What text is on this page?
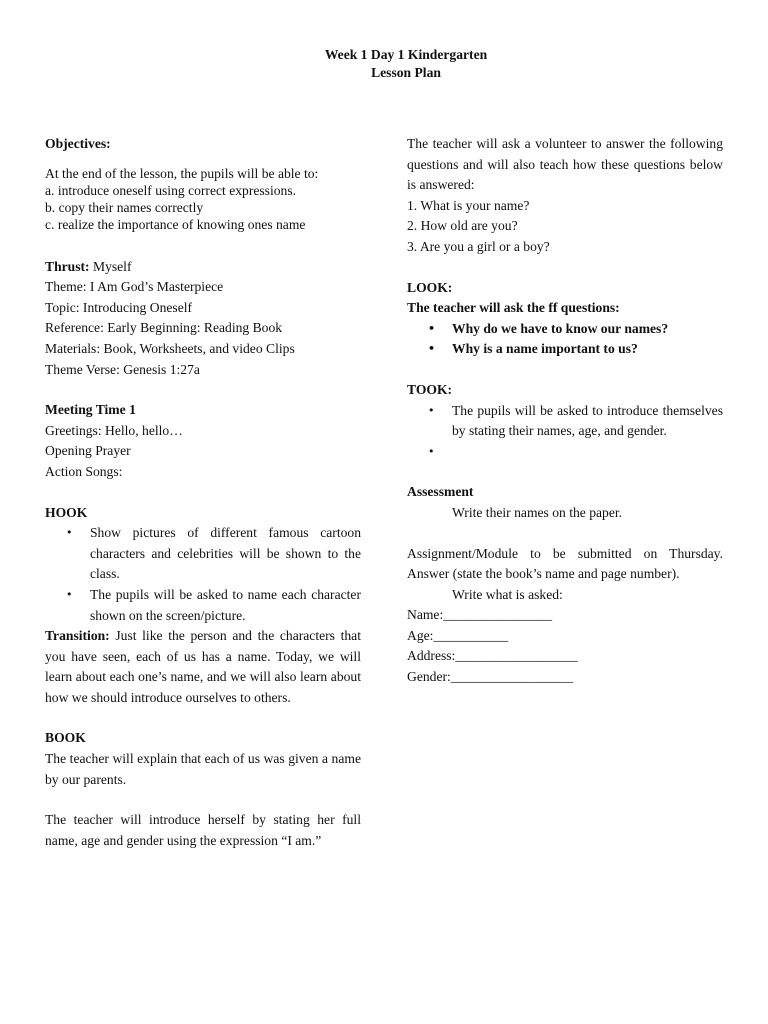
Week 1 Day 1 Kindergarten
Lesson Plan

Objectives:

At the end of the lesson, the pupils will be able to:

a. introduce oneself using correct expressions.

b. copy their names correctly

c. realize the importance of knowing ones name

Thrust: Myself

Theme: I Am God’s Masterpiece

Topic: Introducing Oneself

Reference: Early Beginning: Reading Book

Materials: Book, Worksheets, and video Clips

Theme Verse: Genesis 1:27a

Meeting Time 1

Greetings: Hello, hello…

Opening Prayer

Action Songs:

HOOK

• Show pictures of different famous cartoon characters and celebrities will be shown to the class.
• The pupils will be asked to name each character shown on the screen/picture.

Transition: Just like the person and the characters that you have seen, each of us has a name. Today, we will learn about each one’s name, and we will also learn about how we should introduce ourselves to others.

BOOK

The teacher will explain that each of us was given a name by our parents.

The teacher will introduce herself by stating her full name, age and gender using the expression “I am.”

The teacher will ask a volunteer to answer the following questions and will also teach how these questions below is answered:

1. What is your name?

2. How old are you?

3. Are you a girl or a boy?

LOOK:

The teacher will ask the ff questions:

• Why do we have to know our names?
• Why is a name important to us?

TOOK:

• The pupils will be asked to introduce themselves by stating their names, age, and gender.
•

Assessment

Write their names on the paper.

Assignment/Module to be submitted on Thursday. Answer (state the book’s name and page number).

Write what is asked:

Name:________________

Age:___________

Address:__________________

Gender:__________________
